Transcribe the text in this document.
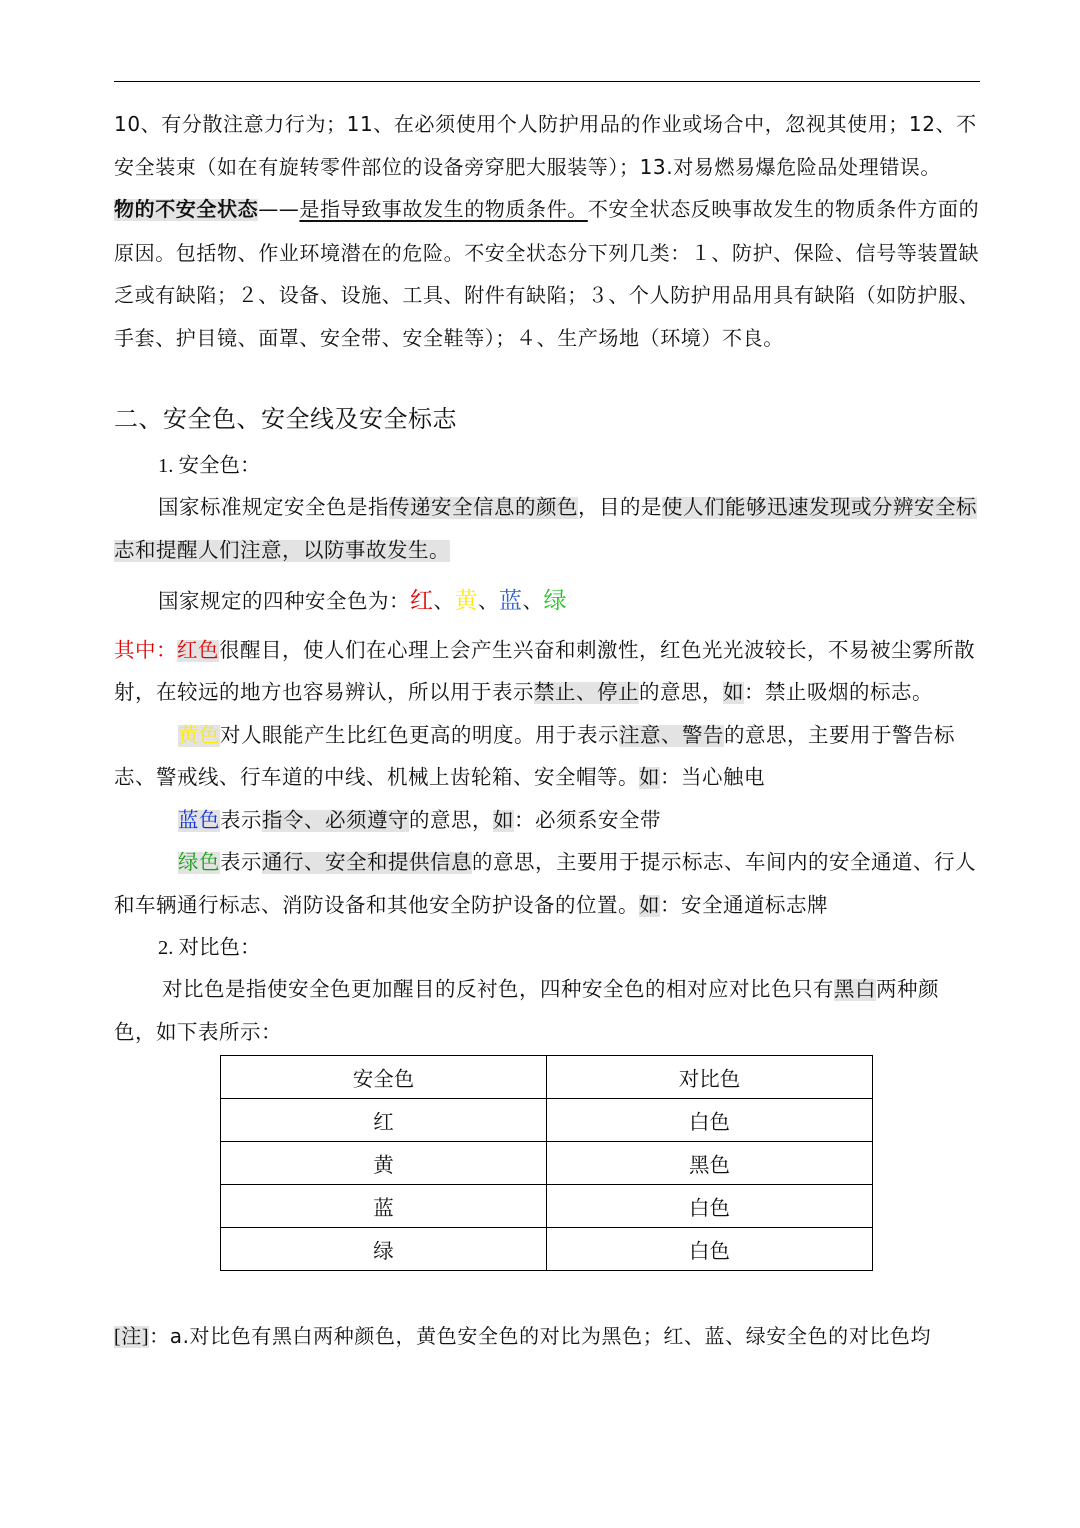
10、有分散注意力行为；11、在必须使用个人防护用品的作业或场合中，忽视其使用；12、不安全装束（如在有旋转零件部位的设备旁穿肥大服装等）；13.对易燃易爆危险品处理错误。

物的不安全状态——是指导致事故发生的物质条件。不安全状态反映事故发生的物质条件方面的原因。包括物、作业环境潜在的危险。不安全状态分下列几类：１、防护、保险、信号等装置缺乏或有缺陷；２、设备、设施、工具、附件有缺陷；３、个人防护用品用具有缺陷（如防护服、手套、护目镜、面罩、安全带、安全鞋等）；４、生产场地（环境）不良。

二、安全色、安全线及安全标志
1. 安全色：

国家标准规定安全色是指传递安全信息的颜色，目的是使人们能够迅速发现或分辨安全标志和提醒人们注意，以防事故发生。

国家规定的四种安全色为：红、黄、蓝、绿

其中：红色很醒目，使人们在心理上会产生兴奋和刺激性，红色光光波较长，不易被尘雾所散射，在较远的地方也容易辨认，所以用于表示禁止、停止的意思，如：禁止吸烟的标志。

黄色对人眼能产生比红色更高的明度。用于表示注意、警告的意思，主要用于警告标志、警戒线、行车道的中线、机械上齿轮箱、安全帽等。如：当心触电

蓝色表示指令、必须遵守的意思，如：必须系安全带

绿色表示通行、安全和提供信息的意思，主要用于提示标志、车间内的安全通道、行人和车辆通行标志、消防设备和其他安全防护设备的位置。如：安全通道标志牌

2. 对比色：

对比色是指使安全色更加醒目的反衬色，四种安全色的相对应对比色只有黑白两种颜色，如下表所示：

安全色	对比色
红	白色
黄	黑色
蓝	白色
绿	白色

[注]：a.对比色有黑白两种颜色，黄色安全色的对比为黑色；红、蓝、绿安全色的对比色均
